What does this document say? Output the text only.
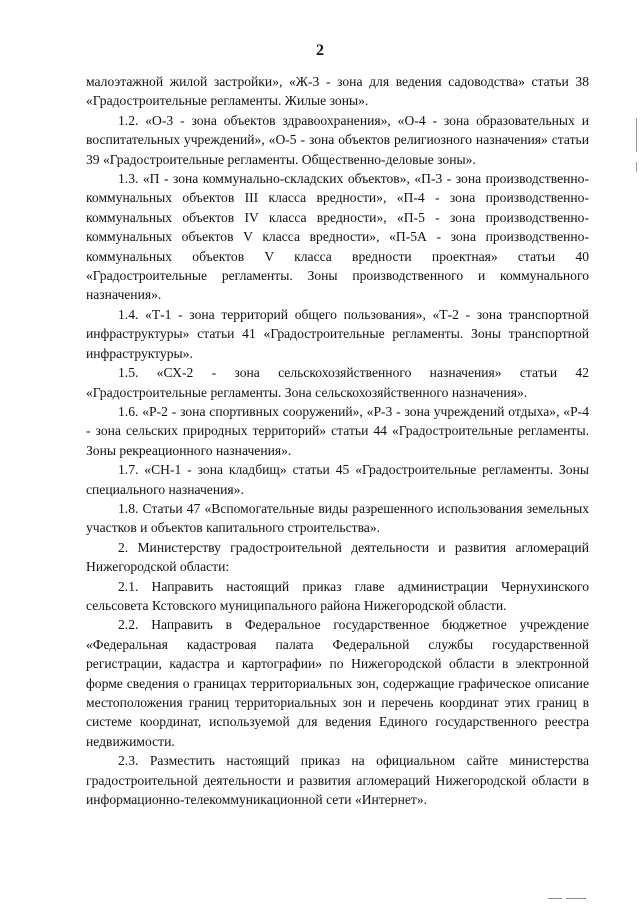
2

малоэтажной жилой застройки», «Ж-3 - зона для ведения садоводства» статьи 38 «Градостроительные регламенты. Жилые зоны».

1.2. «О-3 - зона объектов здравоохранения», «О-4 - зона образовательных и воспитательных учреждений», «О-5 - зона объектов религиозного назначения» статьи 39 «Градостроительные регламенты. Общественно-деловые зоны».

1.3. «П - зона коммунально-складских объектов», «П-3 - зона производственно-коммунальных объектов III класса вредности», «П-4 - зона производственно-коммунальных объектов IV класса вредности», «П-5 - зона производственно-коммунальных объектов V класса вредности», «П-5А - зона производственно-коммунальных объектов V класса вредности проектная» статьи 40 «Градостроительные регламенты. Зоны производственного и коммунального назначения».

1.4. «Т-1 - зона территорий общего пользования», «Т-2 - зона транспортной инфраструктуры» статьи 41 «Градостроительные регламенты. Зоны транспортной инфраструктуры».

1.5. «СХ-2 - зона сельскохозяйственного назначения» статьи 42 «Градостроительные регламенты. Зона сельскохозяйственного назначения».

1.6. «Р-2 - зона спортивных сооружений», «Р-3 - зона учреждений отдыха», «Р-4 - зона сельских природных территорий» статьи 44 «Градостроительные регламенты. Зоны рекреационного назначения».

1.7. «СН-1 - зона кладбищ» статьи 45 «Градостроительные регламенты. Зоны специального назначения».

1.8. Статьи 47 «Вспомогательные виды разрешенного использования земельных участков и объектов капитального строительства».

2. Министерству градостроительной деятельности и развития агломераций Нижегородской области:

2.1. Направить настоящий приказ главе администрации Чернухинского сельсовета Кстовского муниципального района Нижегородской области.

2.2. Направить в Федеральное государственное бюджетное учреждение «Федеральная кадастровая палата Федеральной службы государственной регистрации, кадастра и картографии» по Нижегородской области в электронной форме сведения о границах территориальных зон, содержащие графическое описание местоположения границ территориальных зон и перечень координат этих границ в системе координат, используемой для ведения Единого государственного реестра недвижимости.

2.3. Разместить настоящий приказ на официальном сайте министерства градостроительной деятельности и развития агломераций Нижегородской области в информационно-телекоммуникационной сети «Интернет».
